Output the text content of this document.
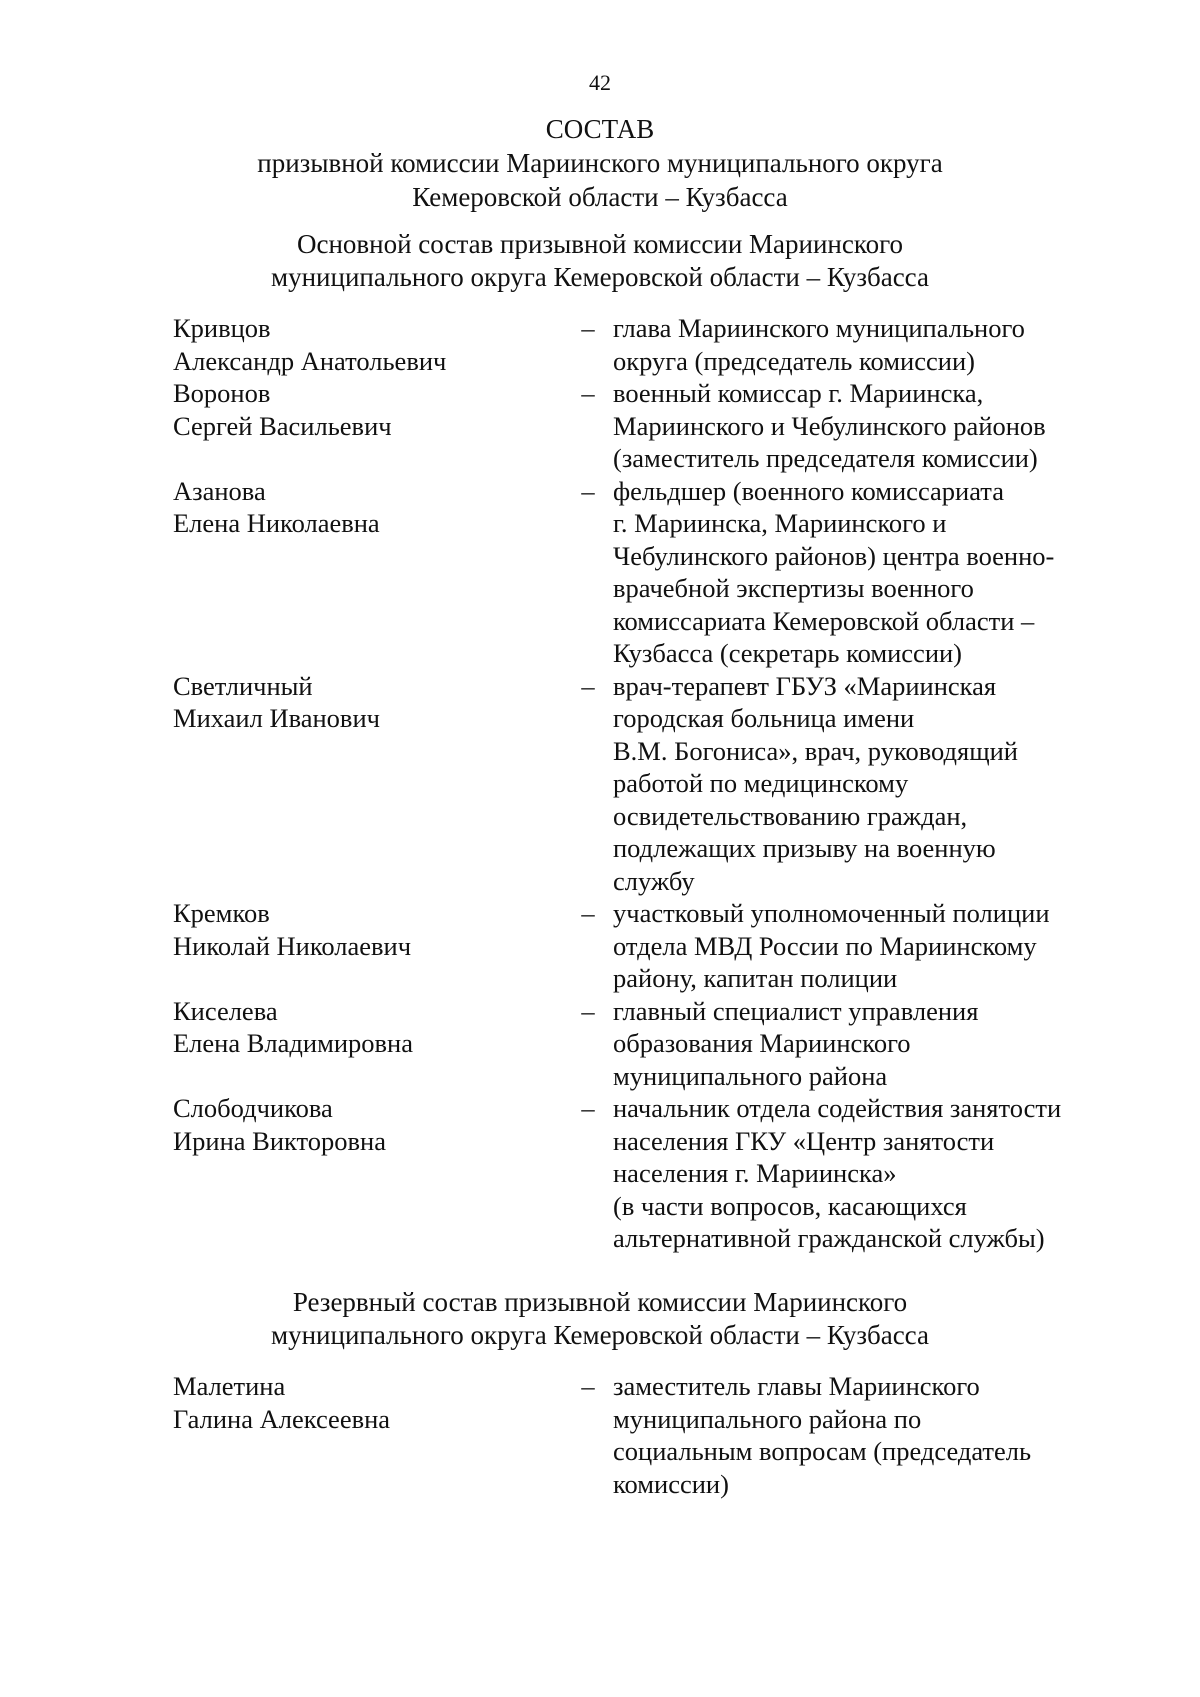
42
СОСТАВ
призывной комиссии Мариинского муниципального округа
Кемеровской области – Кузбасса
Основной состав призывной комиссии Мариинского
муниципального округа Кемеровской области – Кузбасса
Кривцов
Александр Анатольевич
– глава Мариинского муниципального
округа (председатель комиссии)
Воронов
Сергей Васильевич
– военный комиссар г. Мариинска,
Мариинского и Чебулинского районов
(заместитель председателя комиссии)
Азанова
Елена Николаевна
– фельдшер (военного комиссариата
г. Мариинска, Мариинского и
Чебулинского районов) центра военно-
врачебной экспертизы военного
комиссариата Кемеровской области –
Кузбасса (секретарь комиссии)
Светличный
Михаил Иванович
– врач-терапевт ГБУЗ «Мариинская
городская больница имени
В.М. Богониса», врач, руководящий
работой по медицинскому
освидетельствованию граждан,
подлежащих призыву на военную
службу
Кремков
Николай Николаевич
– участковый уполномоченный полиции
отдела МВД России по Мариинскому
району, капитан полиции
Киселева
Елена Владимировна
– главный специалист управления
образования Мариинского
муниципального района
Слободчикова
Ирина Викторовна
– начальник отдела содействия занятости
населения ГКУ «Центр занятости
населения г. Мариинска»
(в части вопросов, касающихся
альтернативной гражданской службы)
Резервный состав призывной комиссии Мариинского
муниципального округа Кемеровской области – Кузбасса
Малетина
Галина Алексеевна
– заместитель главы Мариинского
муниципального района по
социальным вопросам (председатель
комиссии)
